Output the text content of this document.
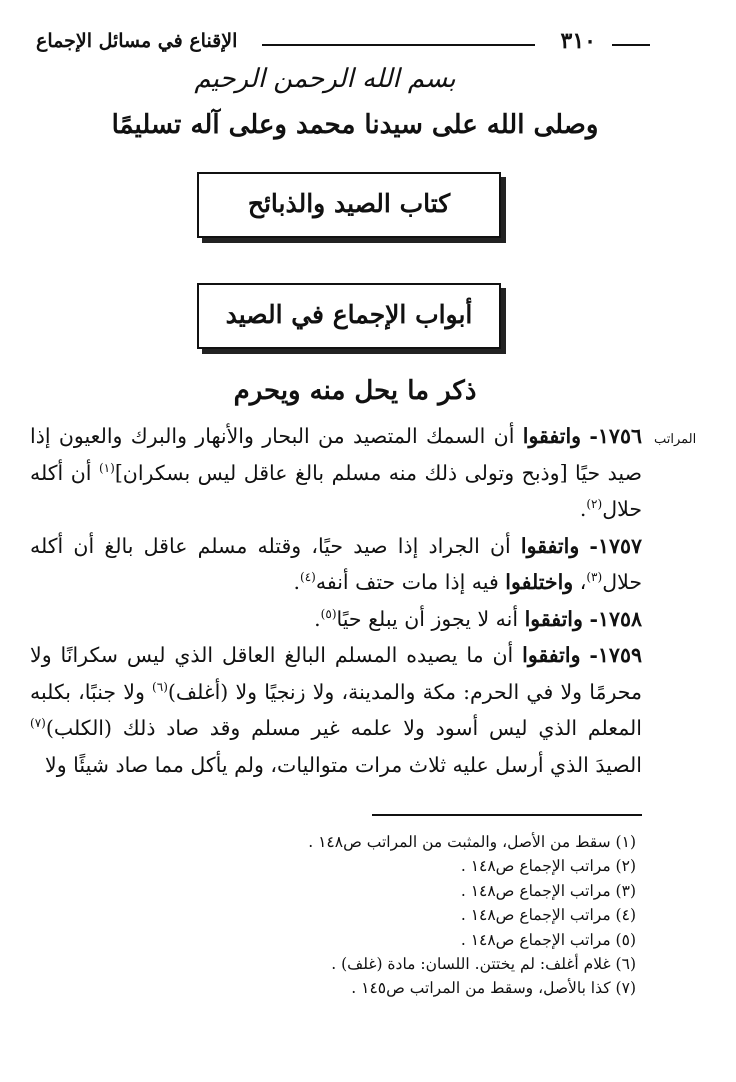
٣١٠
الإقناع في مسائل الإجماع
بسم الله الرحمن الرحيم
وصلى الله على سيدنا محمد وعلى آله تسليمًا
كتاب الصيد والذبائح
أبواب الإجماع في الصيد
ذكر ما يحل منه ويحرم
المراتب

١٧٥٦- واتفقوا أن السمك المتصيد من البحار والأنهار والبرك والعيون إذا صيد حيًا [وذبح وتولى ذلك منه مسلم بالغ عاقل ليس بسكران]$^{(١)}$ أن أكله حلال$^{(٢)}$.

١٧٥٧- واتفقوا أن الجراد إذا صيد حيًا، وقتله مسلم عاقل بالغ أن أكله حلال$^{(٣)}$، واختلفوا فيه إذا مات حتف أنفه$^{(٤)}$.

١٧٥٨- واتفقوا أنه لا يجوز أن يبلع حيًا$^{(٥)}$.

١٧٥٩- واتفقوا أن ما يصيده المسلم البالغ العاقل الذي ليس سكرانًا ولا محرمًا ولا في الحرم: مكة والمدينة، ولا زنجيًا ولا (أغلف)$^{(٦)}$ ولا جنبًا، بكلبه المعلم الذي ليس أسود ولا علمه غير مسلم وقد صاد ذلك (الكلب)$^{(٧)}$ الصيدَ الذي أرسل عليه ثلاث مرات متواليات، ولم يأكل مما صاد شيئًا ولا

(١) سقط من الأصل، والمثبت من المراتب ص١٤٨ .
(٢) مراتب الإجماع ص١٤٨ .
(٣) مراتب الإجماع ص١٤٨ .
(٤) مراتب الإجماع ص١٤٨ .
(٥) مراتب الإجماع ص١٤٨ .
(٦) غلام أغلف: لم يختتن. اللسان: مادة (غلف) .
(٧) كذا بالأصل، وسقط من المراتب ص١٤٥ .
